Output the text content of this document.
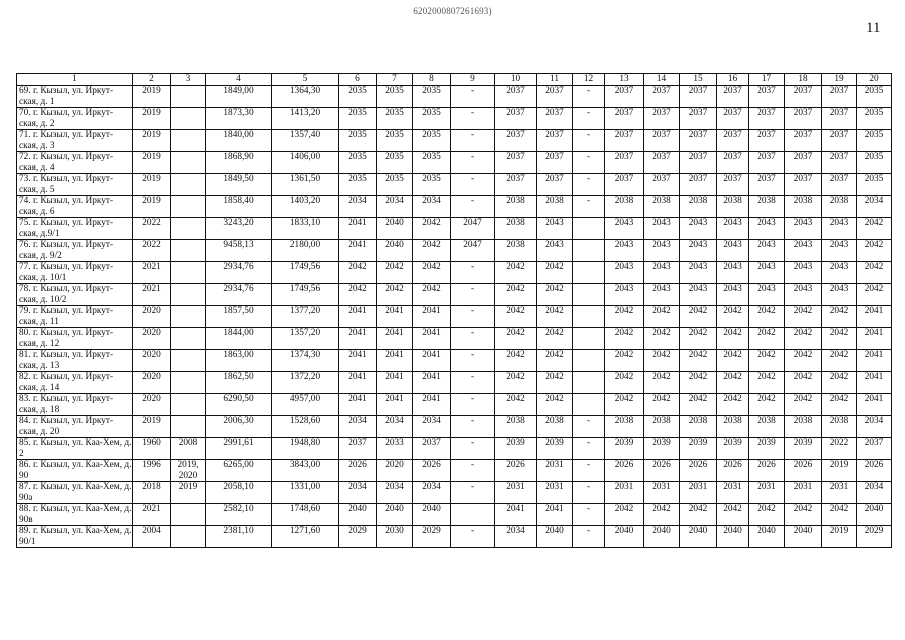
6202000807261693)
11
1	2	3	4	5	6	7	8	9	10	11	12	13	14	15	16	17	18	19	20
69. г. Кызыл, ул. Иркут-ская, д. 1	2019		1849,00	1364,30	2035	2035	2035	-	2037	2037	-	2037	2037	2037	2037	2037	2037	2037	2035
70. г. Кызыл, ул. Иркут-ская, д. 2	2019		1873,30	1413,20	2035	2035	2035	-	2037	2037	-	2037	2037	2037	2037	2037	2037	2037	2035
71. г. Кызыл, ул. Иркут-ская, д. 3	2019		1840,00	1357,40	2035	2035	2035	-	2037	2037	-	2037	2037	2037	2037	2037	2037	2037	2035
72. г. Кызыл, ул. Иркут-ская, д. 4	2019		1868,90	1406,00	2035	2035	2035	-	2037	2037	-	2037	2037	2037	2037	2037	2037	2037	2035
73. г. Кызыл, ул. Иркут-ская, д. 5	2019		1849,50	1361,50	2035	2035	2035	-	2037	2037	-	2037	2037	2037	2037	2037	2037	2037	2035
74. г. Кызыл, ул. Иркут-ская, д. 6	2019		1858,40	1403,20	2034	2034	2034	-	2038	2038	-	2038	2038	2038	2038	2038	2038	2038	2034
75. г. Кызыл, ул. Иркут-ская, д.9/1	2022		3243,20	1833,10	2041	2040	2042	2047	2038	2043		2043	2043	2043	2043	2043	2043	2043	2042
76. г. Кызыл, ул. Иркут-ская, д. 9/2	2022		9458,13	2180,00	2041	2040	2042	2047	2038	2043		2043	2043	2043	2043	2043	2043	2043	2042
77. г. Кызыл, ул. Иркут-ская, д. 10/1	2021		2934,76	1749,56	2042	2042	2042	-	2042	2042		2043	2043	2043	2043	2043	2043	2043	2042
78. г. Кызыл, ул. Иркут-ская, д. 10/2	2021		2934,76	1749,56	2042	2042	2042	-	2042	2042		2043	2043	2043	2043	2043	2043	2043	2042
79. г. Кызыл, ул. Иркут-ская, д. 11	2020		1857,50	1377,20	2041	2041	2041	-	2042	2042		2042	2042	2042	2042	2042	2042	2042	2041
80. г. Кызыл, ул. Иркут-ская, д. 12	2020		1844,00	1357,20	2041	2041	2041	-	2042	2042		2042	2042	2042	2042	2042	2042	2042	2041
81. г. Кызыл, ул. Иркут-ская, д. 13	2020		1863,00	1374,30	2041	2041	2041	-	2042	2042		2042	2042	2042	2042	2042	2042	2042	2041
82. г. Кызыл, ул. Иркут-ская, д. 14	2020		1862,50	1372,20	2041	2041	2041	-	2042	2042		2042	2042	2042	2042	2042	2042	2042	2041
83. г. Кызыл, ул. Иркут-ская, д. 18	2020		6290,50	4957,00	2041	2041	2041	-	2042	2042		2042	2042	2042	2042	2042	2042	2042	2041
84. г. Кызыл, ул. Иркут-ская, д. 20	2019		2006,30	1528,60	2034	2034	2034	-	2038	2038	-	2038	2038	2038	2038	2038	2038	2038	2034
85. г. Кызыл, ул. Каа-Хем, д. 2	1960	2008	2991,61	1948,80	2037	2033	2037	-	2039	2039	-	2039	2039	2039	2039	2039	2039	2022	2037
86. г. Кызыл, ул. Каа-Хем, д. 90	1996	2019, 2020	6265,00	3843,00	2026	2020	2026	-	2026	2031	-	2026	2026	2026	2026	2026	2026	2019	2026
87. г. Кызыл, ул. Каа-Хем, д. 90а	2018	2019	2058,10	1331,00	2034	2034	2034	-	2031	2031	-	2031	2031	2031	2031	2031	2031	2031	2034
88. г. Кызыл, ул. Каа-Хем, д. 90в	2021		2582,10	1748,60	2040	2040	2040		2041	2041	-	2042	2042	2042	2042	2042	2042	2042	2040
89. г. Кызыл, ул. Каа-Хем, д. 90/1	2004		2381,10	1271,60	2029	2030	2029	-	2034	2040	-	2040	2040	2040	2040	2040	2040	2019	2029
